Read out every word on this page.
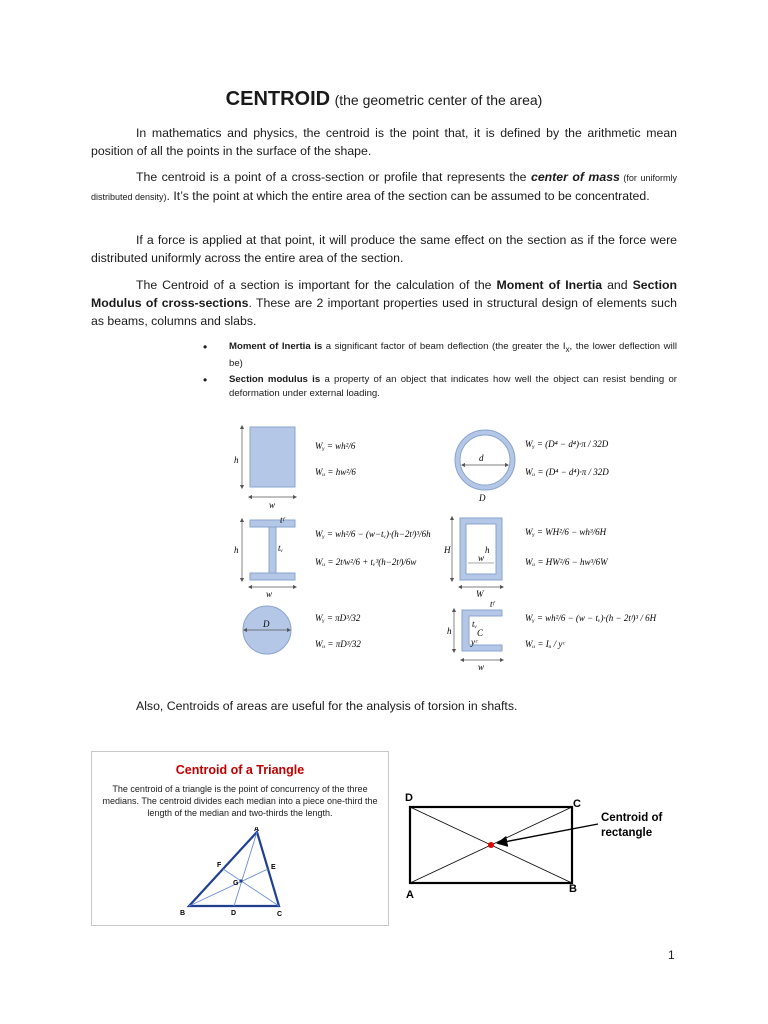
CENTROID (the geometric center of the area)

In mathematics and physics, the centroid is the point that, it is defined by the arithmetic mean position of all the points in the surface of the shape.

The centroid is a point of a cross-section or profile that represents the center of mass (for uniformly distributed density). It’s the point at which the entire area of the section can be assumed to be concentrated.

If a force is applied at that point, it will produce the same effect on the section as if the force were distributed uniformly across the entire area of the section.

The Centroid of a section is important for the calculation of the Moment of Inertia and Section Modulus of cross-sections. These are 2 important properties used in structural design of elements such as beams, columns and slabs.

• Moment of Inertia is a significant factor of beam deflection (the greater the $I_x$, the lower deflection will be)
• Section modulus is a property of an object that indicates how well the object can resist bending or deformation under external loading.
h
w
Wᵧ = wh²/6
Wᵤ = hw²/6
d
D
Wᵧ = (D⁴ − d⁴)·π / 32D
Wᵤ = (D⁴ − d⁴)·π / 32D
h
w
tᶠ
tᵥ
Wᵧ = wh²/6 − (w−tᵥ)·(h−2tᶠ)³/6h
Wᵤ = 2tᶠw²/6 + tᵥ³(h−2tᶠ)/6w
H	h
w
W
Wᵧ = WH²/6 − wh³/6H
Wᵤ = HW²/6 − hw³/6W
D
Wᵧ = πD³/32
Wᵤ = πD³/32
h
w
tᶠ
tᵥ
C
yᶜ
Wᵧ = wh²/6 − (w − tᵥ)·(h − 2tᶠ)³ / 6H
Wᵤ = Iᵤ / yᶜ

Also, Centroids of areas are useful for the analysis of torsion in shafts.

Centroid of a Triangle
The centroid of a triangle is the point of concurrency of the three medians. The centroid divides each median into a piece one-third the length of the median and two-thirds the length.
A
B	C
D
E
F
G
D	C
A	B
Centroid of
rectangle
1
